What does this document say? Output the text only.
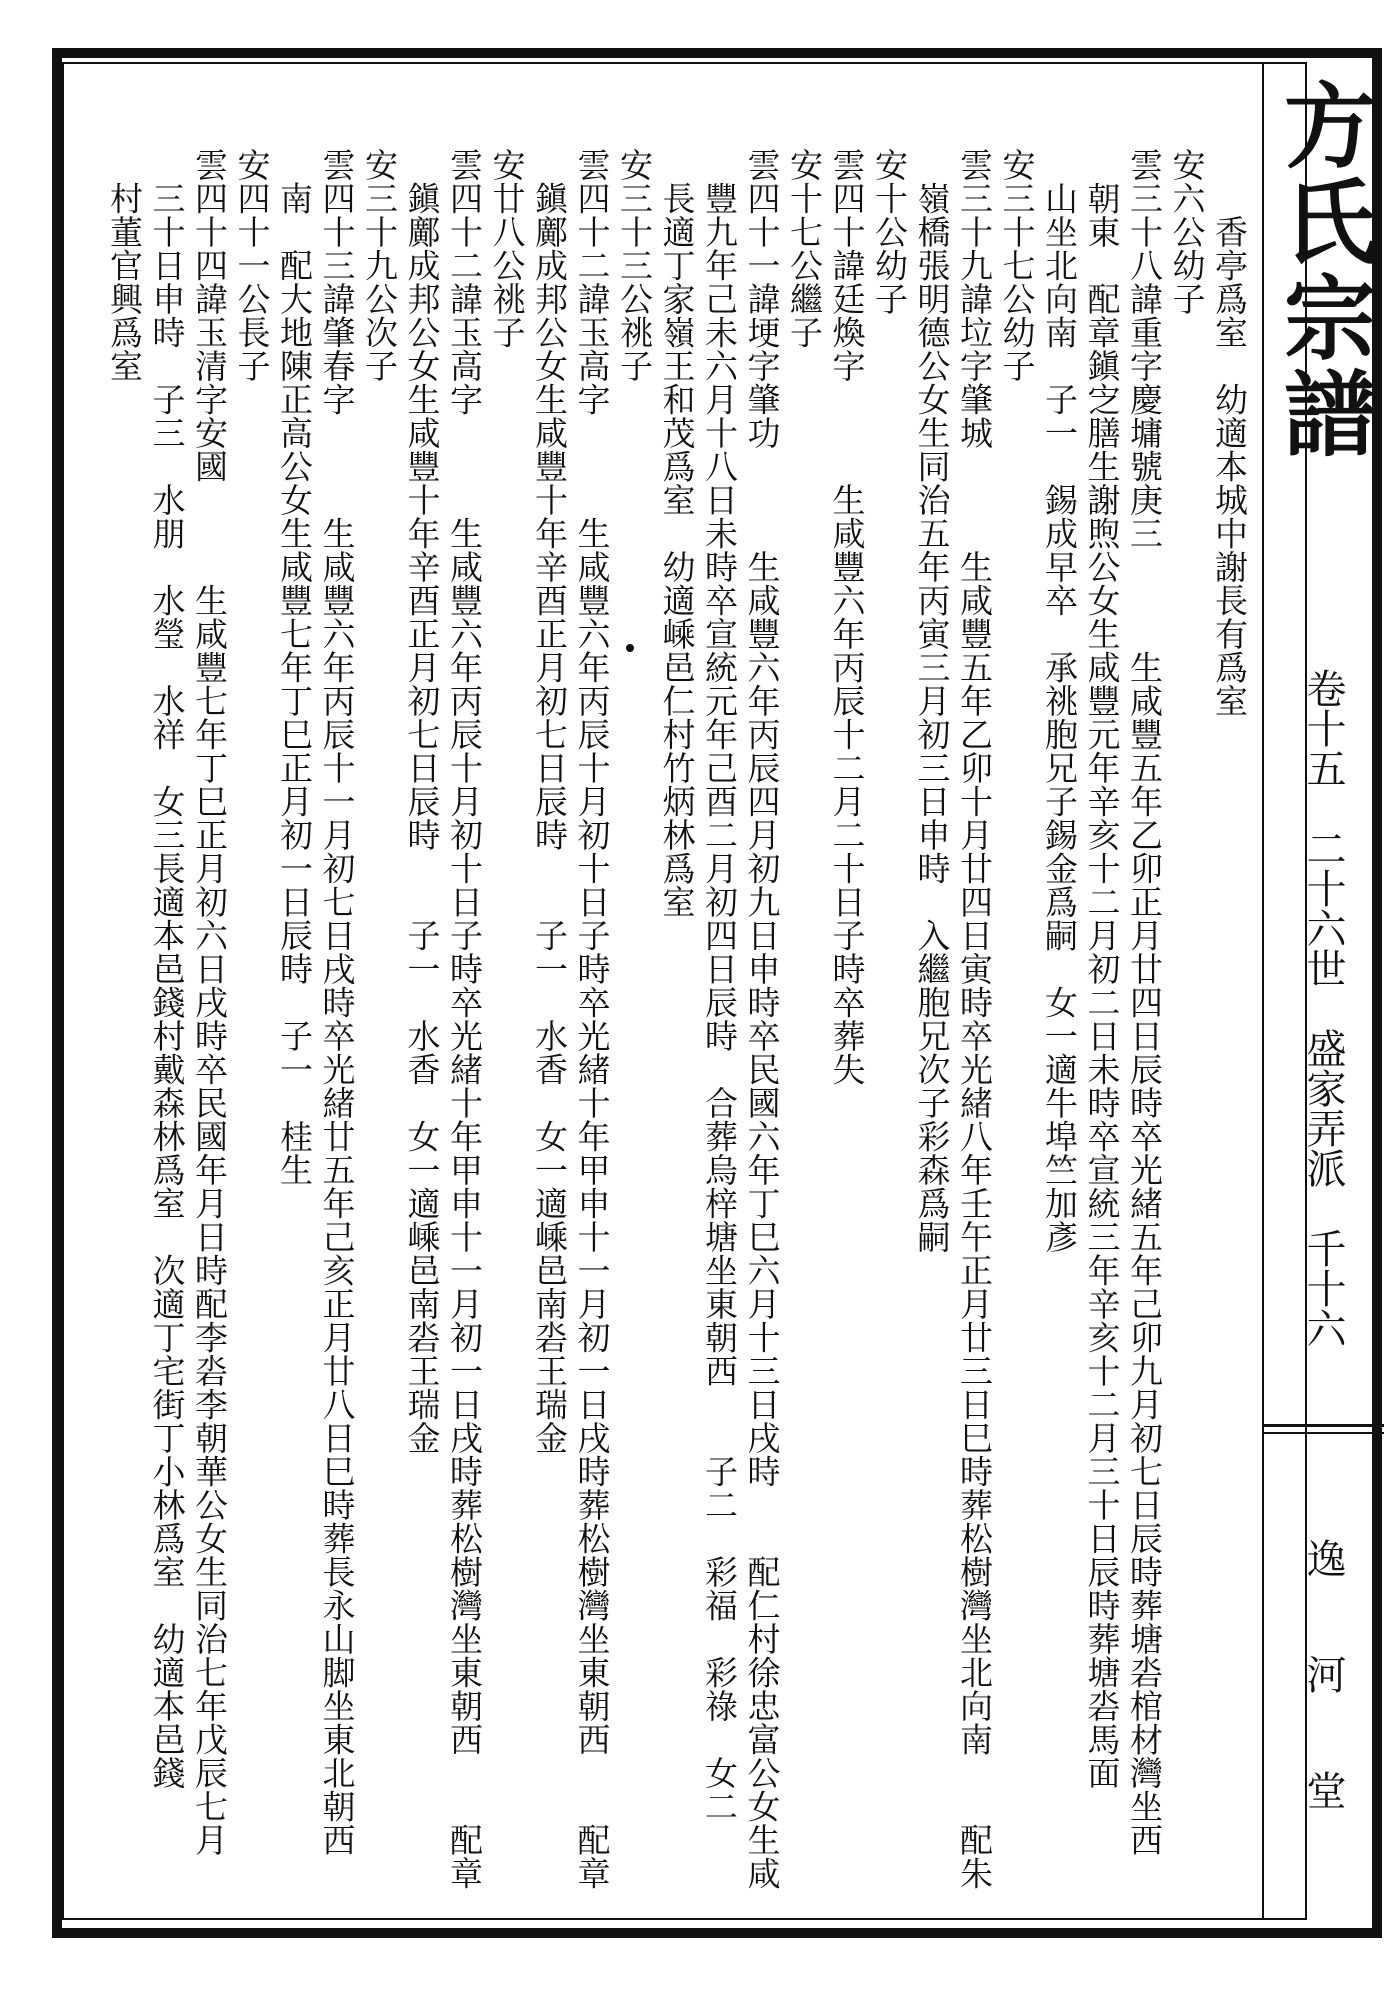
方氏宗譜
卷十五　二十六世　盛家弄派　千十六
逸河堂
　　香亭爲室　幼適本城中謝長有爲室
安六公幼子
雲三十八諱重字慶墉號庚三　　　生咸豐五年乙卯正月廿四日辰時卒光緒五年己卯九月初七日辰時葬塘沯棺材灣坐西
　朝東　配章鎭㝎膳生謝煦公女生咸豐元年辛亥十二月初二日未時卒宣統三年辛亥十二月三十日辰時葬塘沯馬面
　山坐北向南　子一　錫成早卒　承祧胞兄子錫金爲嗣　女一適牛埠竺加彥
安三十七公幼子
雲三十九諱垃字肇城　　　生咸豐五年乙卯十月廿四日寅時卒光緒八年壬午正月廿三日巳時葬松樹灣坐北向南　　配朱
　嶺橋張明德公女生同治五年丙寅三月初三日申時　入繼胞兄次子彩森爲嗣
安十公幼子
雲四十諱廷煥字　　　生咸豐六年丙辰十二月二十日子時卒葬失
安十七公繼子
雲四十一諱埂字肇功　　　生咸豐六年丙辰四月初九日申時卒民國六年丁巳六月十三日戌時　　配仁村徐忠富公女生咸
　豐九年己未六月十八日未時卒宣統元年己酉二月初四日辰時　合葬烏梓塘坐東朝西　　子二　彩福　彩祿　女二
　長適丁家嶺王和茂爲室　幼適嵊邑仁村竹炳林爲室
安三十三公祧子
雲四十二諱玉高字　　　生咸豐六年丙辰十月初十日子時卒光緒十年甲申十一月初一日戌時葬松樹灣坐東朝西　　配章
　鎭鄺成邦公女生咸豐十年辛酉正月初七日辰時　　子一　水香　女一適嵊邑南沯王瑞金
安廿八公祧子
雲四十二諱玉高字　　　生咸豐六年丙辰十月初十日子時卒光緒十年甲申十一月初一日戌時葬松樹灣坐東朝西　　配章
　鎭鄺成邦公女生咸豐十年辛酉正月初七日辰時　　子一　水香　女一適嵊邑南沯王瑞金
安三十九公次子
雲四十三諱肇春字　　　生咸豐六年丙辰十一月初七日戌時卒光緒廿五年己亥正月廿八日巳時葬長永山脚坐東北朝西
　南　配大地陳正高公女生咸豐七年丁巳正月初一日辰時　子一　桂生
安四十一公長子
雲四十四諱玉清字安國　　　生咸豐七年丁巳正月初六日戌時卒民國年月日時配李沯李朝華公女生同治七年戊辰七月
　三十日申時　子三　水朋　水瑩　水祥　女三長適本邑錢村戴森林爲室　次適丁宅街丁小林爲室　幼適本邑錢
　村董官興爲室
